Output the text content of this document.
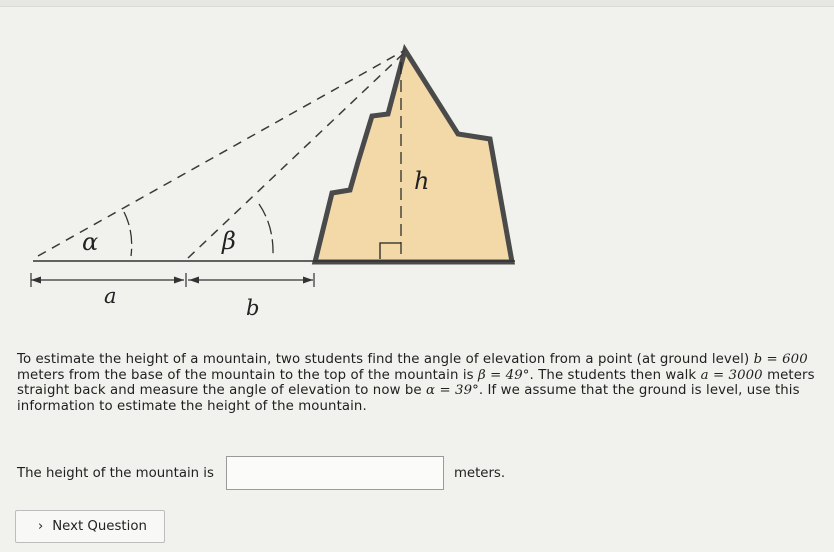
α	β
h
a	b
To estimate the height of a mountain, two students find the angle of elevation from a point (at ground level) b = 600 meters from the base of the mountain to the top of the mountain is β = 49°. The students then walk a = 3000 meters straight back and measure the angle of elevation to now be α = 39°. If we assume that the ground is level, use this information to estimate the height of the mountain.
The height of the mountain is	meters.
› Next Question
